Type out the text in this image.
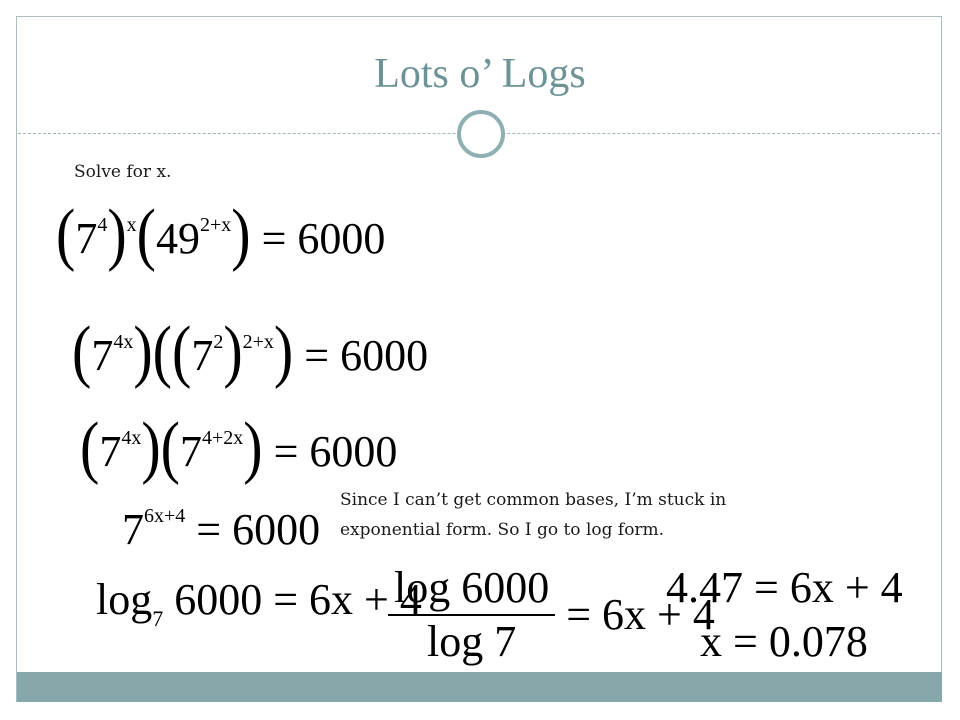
Lots o’ Logs
Solve for x.
$(7^4)^x(49^{2+x}) = 6000$
$(7^{4x})((7^2)^{2+x}) = 6000$
$(7^{4x})(7^{4+2x}) = 6000$
$7^{6x+4} = 6000$
Since I can’t get common bases, I’m stuck in exponential form. So I go to log form.
$\log_7 6000 = 6x + 4$
$\frac{\log 6000}{\log 7} = 6x + 4$
4.47 = 6x + 4
x = 0.078
